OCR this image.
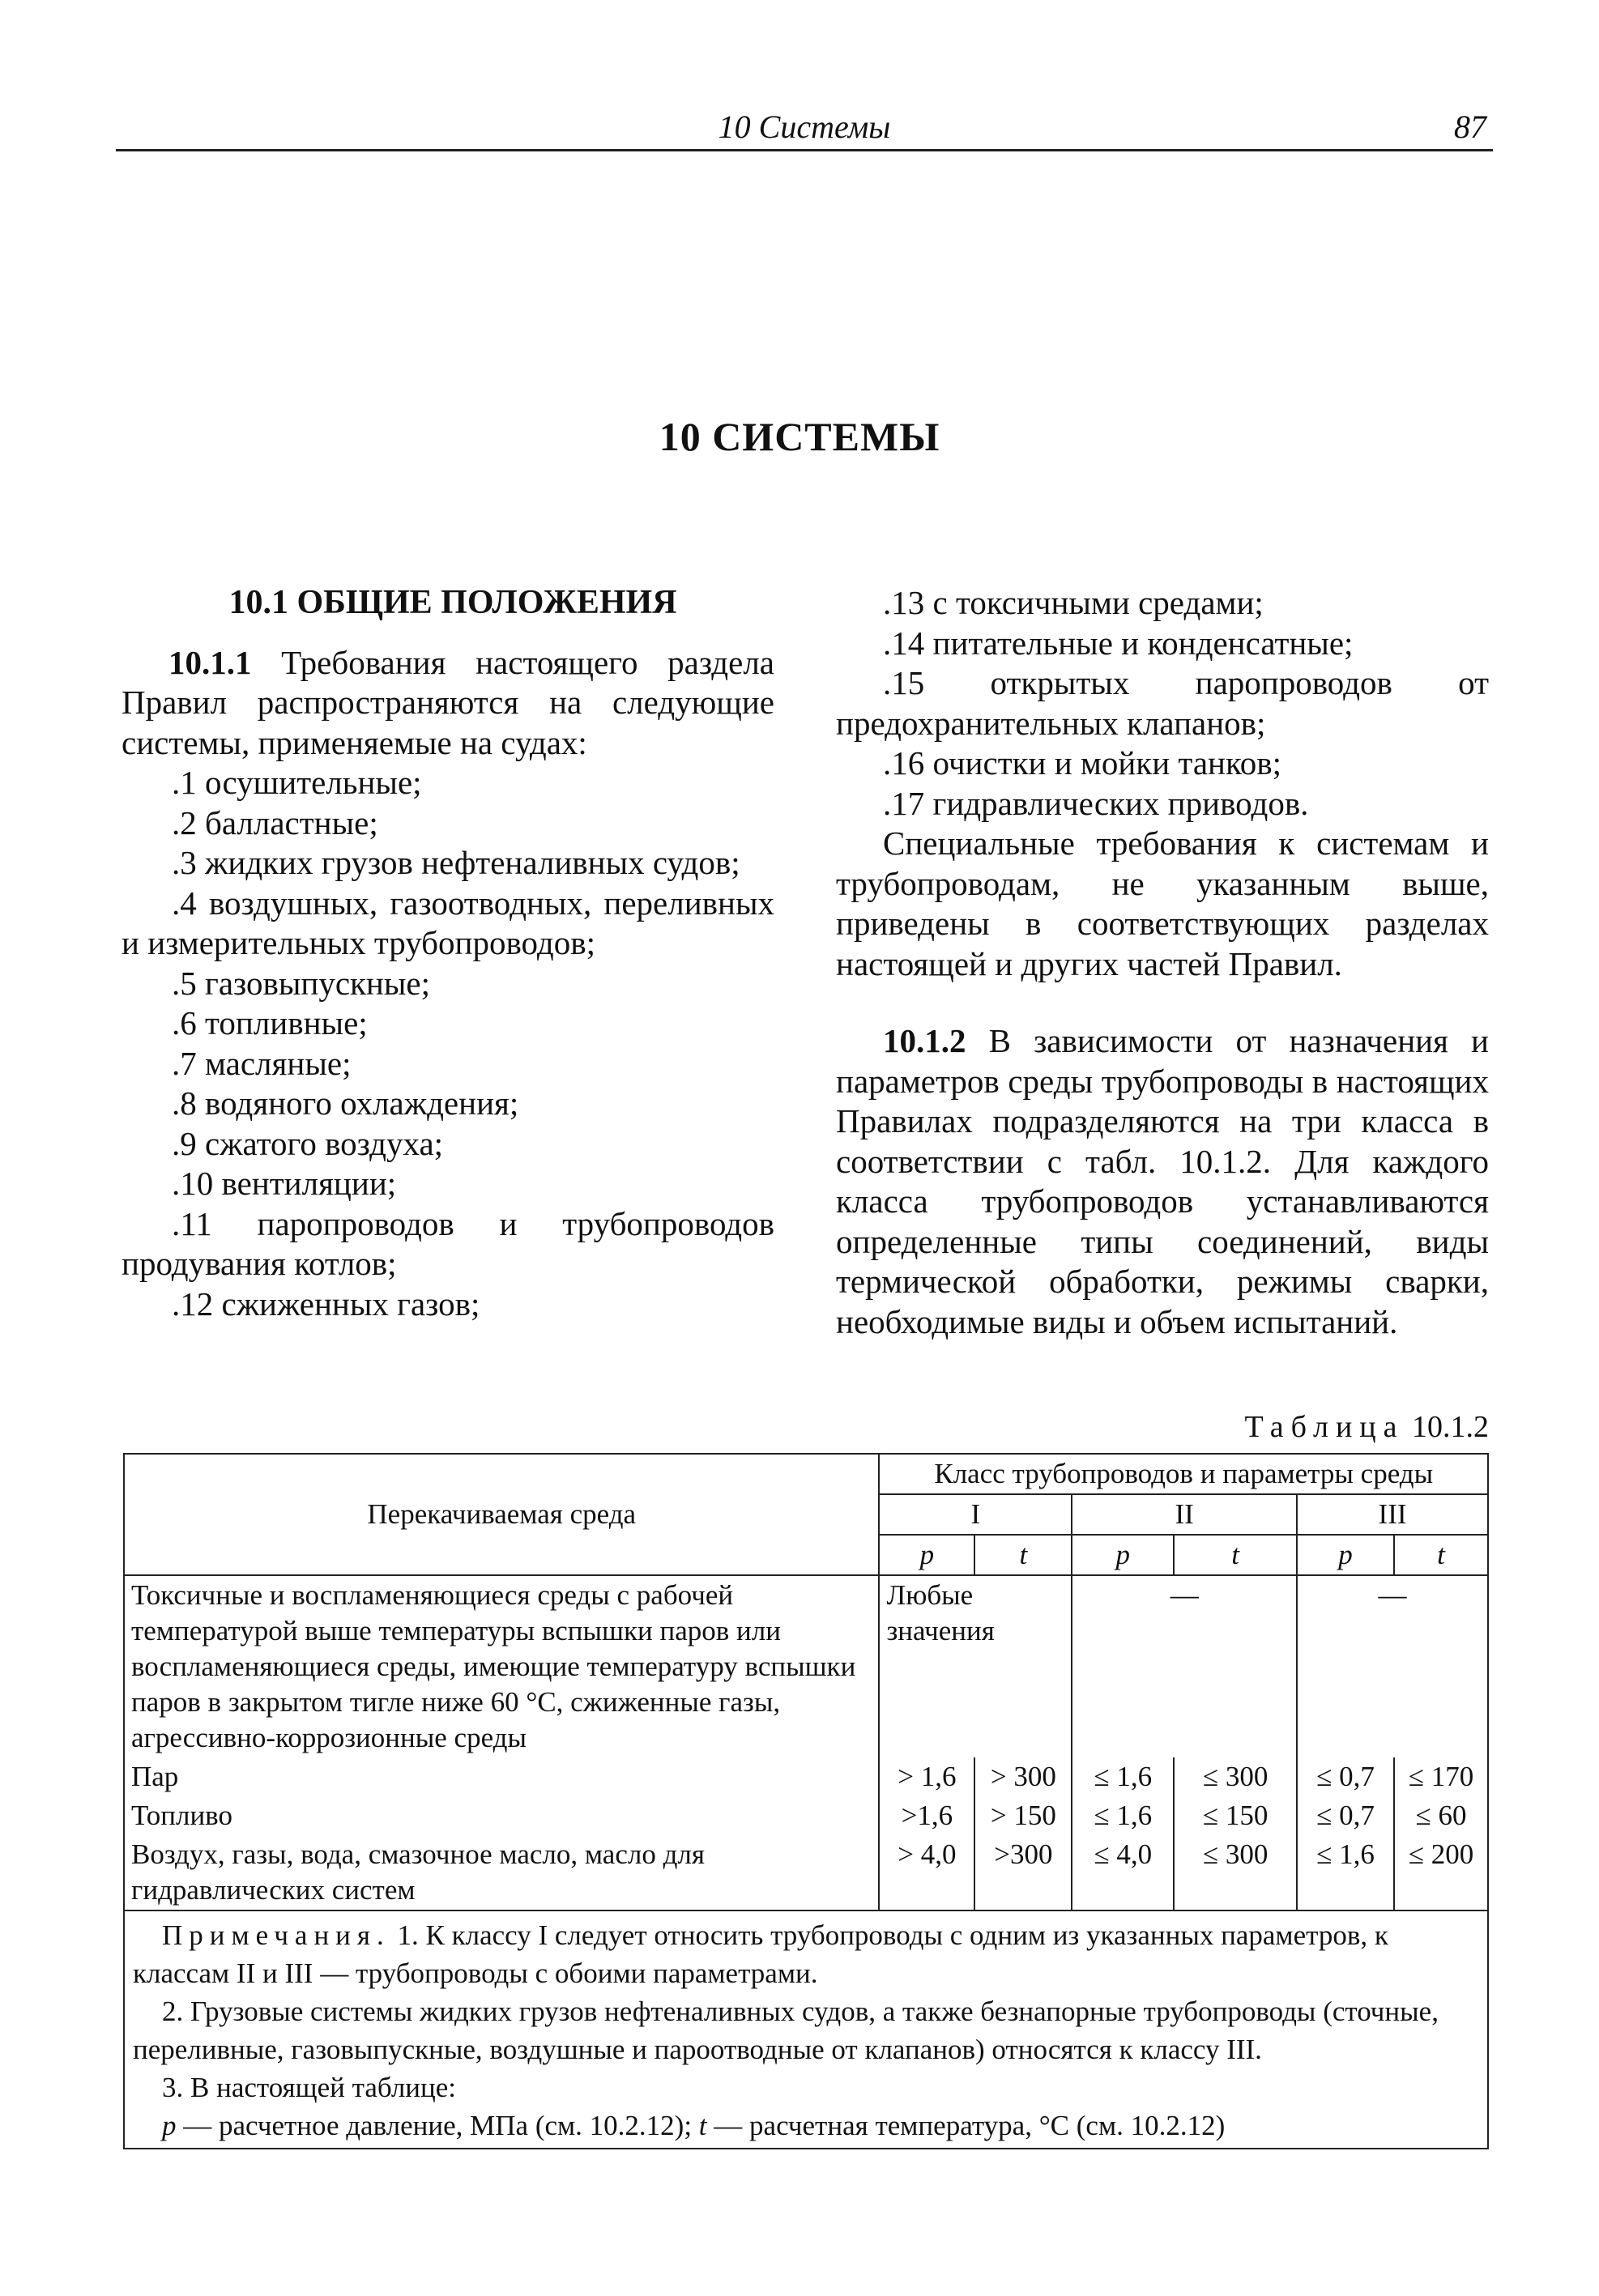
10 Системы	87
10 СИСТЕМЫ

10.1 ОБЩИЕ ПОЛОЖЕНИЯ

10.1.1 Требования настоящего раздела Правил распространяются на следующие системы, применяемые на судах:

.1 осушительные;

.2 балластные;

.3 жидких грузов нефтеналивных судов;

.4 воздушных, газоотводных, переливных и измерительных трубопроводов;

.5 газовыпускные;

.6 топливные;

.7 масляные;

.8 водяного охлаждения;

.9 сжатого воздуха;

.10 вентиляции;

.11 паропроводов и трубопроводов продувания котлов;

.12 сжиженных газов;

.13 с токсичными средами;

.14 питательные и конденсатные;

.15 открытых паропроводов от предохранительных клапанов;

.16 очистки и мойки танков;

.17 гидравлических приводов.

Специальные требования к системам и трубопроводам, не указанным выше, приведены в соответствующих разделах настоящей и других частей Правил.

10.1.2 В зависимости от назначения и параметров среды трубопроводы в настоящих Правилах подразделяются на три класса в соответствии с табл. 10.1.2. Для каждого класса трубопроводов устанавливаются определенные типы соединений, виды термической обработки, режимы сварки, необходимые виды и объем испытаний.

Таблица 10.1.2
Перекачиваемая среда	Класс трубопроводов и параметры среды					
	I		II		III	
	p	t	p	t	p	t
Токсичные и воспламеняющиеся среды с рабочей температурой выше температуры вспышки паров или воспламеняющиеся среды, имеющие температуру вспышки паров в закрытом тигле ниже 60 °C, сжиженные газы, агрессивно-коррозионные среды	Любые значения		—		—	
Пар	> 1,6	> 300	≤ 1,6	≤ 300	≤ 0,7	≤ 170
Топливо	>1,6	> 150	≤ 1,6	≤ 150	≤ 0,7	≤ 60
Воздух, газы, вода, смазочное масло, масло для гидравлических систем	> 4,0	>300	≤ 4,0	≤ 300	≤ 1,6	≤ 200

Примечания. 1. К классу I следует относить трубопроводы с одним из указанных параметров, к классам II и III — трубопроводы с обоими параметрами.

2. Грузовые системы жидких грузов нефтеналивных судов, а также безнапорные трубопроводы (сточные, переливные, газовыпускные, воздушные и пароотводные от клапанов) относятся к классу III.

3. В настоящей таблице:

p — расчетное давление, МПа (см. 10.2.12); t — расчетная температура, °C (см. 10.2.12)						
